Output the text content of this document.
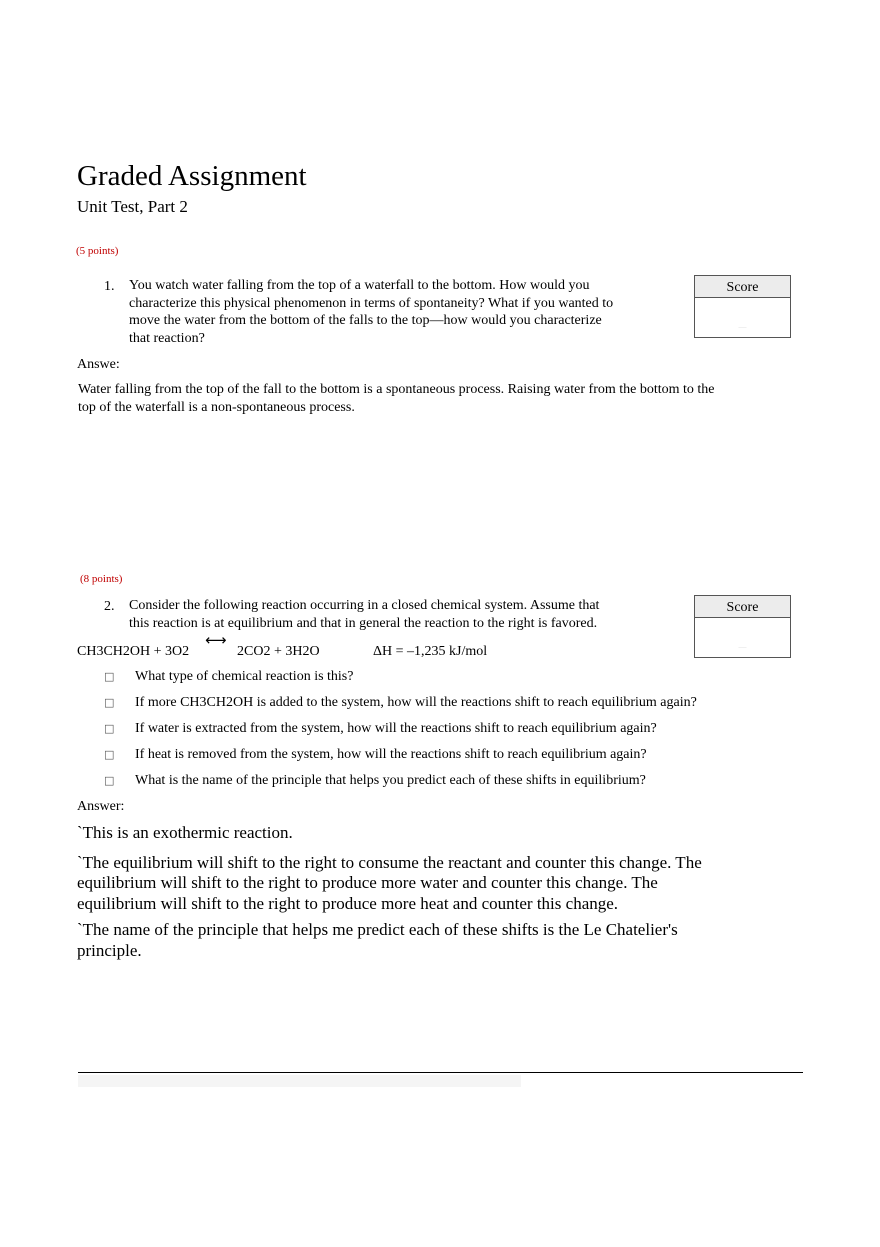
Graded Assignment
Unit Test, Part 2
(5 points)
1. You watch water falling from the top of a waterfall to the bottom. How would you
characterize this physical phenomenon in terms of spontaneity? What if you wanted to
move the water from the bottom of the falls to the top—how would you characterize
that reaction?
Score
——
Answe:
Water falling from the top of the fall to the bottom is a spontaneous process. Raising water from the bottom to the
top of the waterfall is a non-spontaneous process.
(8 points)
2. Consider the following reaction occurring in a closed chemical system. Assume that
this reaction is at equilibrium and that in general the reaction to the right is favored.
Score
——
CH3CH2OH + 3O2
⟷
2CO2 + 3H2O	ΔH = –1,235 kJ/mol
□ What type of chemical reaction is this?
□ If more CH3CH2OH is added to the system, how will the reactions shift to reach equilibrium again?
□ If water is extracted from the system, how will the reactions shift to reach equilibrium again?
□ If heat is removed from the system, how will the reactions shift to reach equilibrium again?
□ What is the name of the principle that helps you predict each of these shifts in equilibrium?
Answer:
`This is an exothermic reaction.
`The equilibrium will shift to the right to consume the reactant and counter this change. The
equilibrium will shift to the right to produce more water and counter this change. The
equilibrium will shift to the right to produce more heat and counter this change.
`The name of the principle that helps me predict each of these shifts is the Le Chatelier's
principle.
